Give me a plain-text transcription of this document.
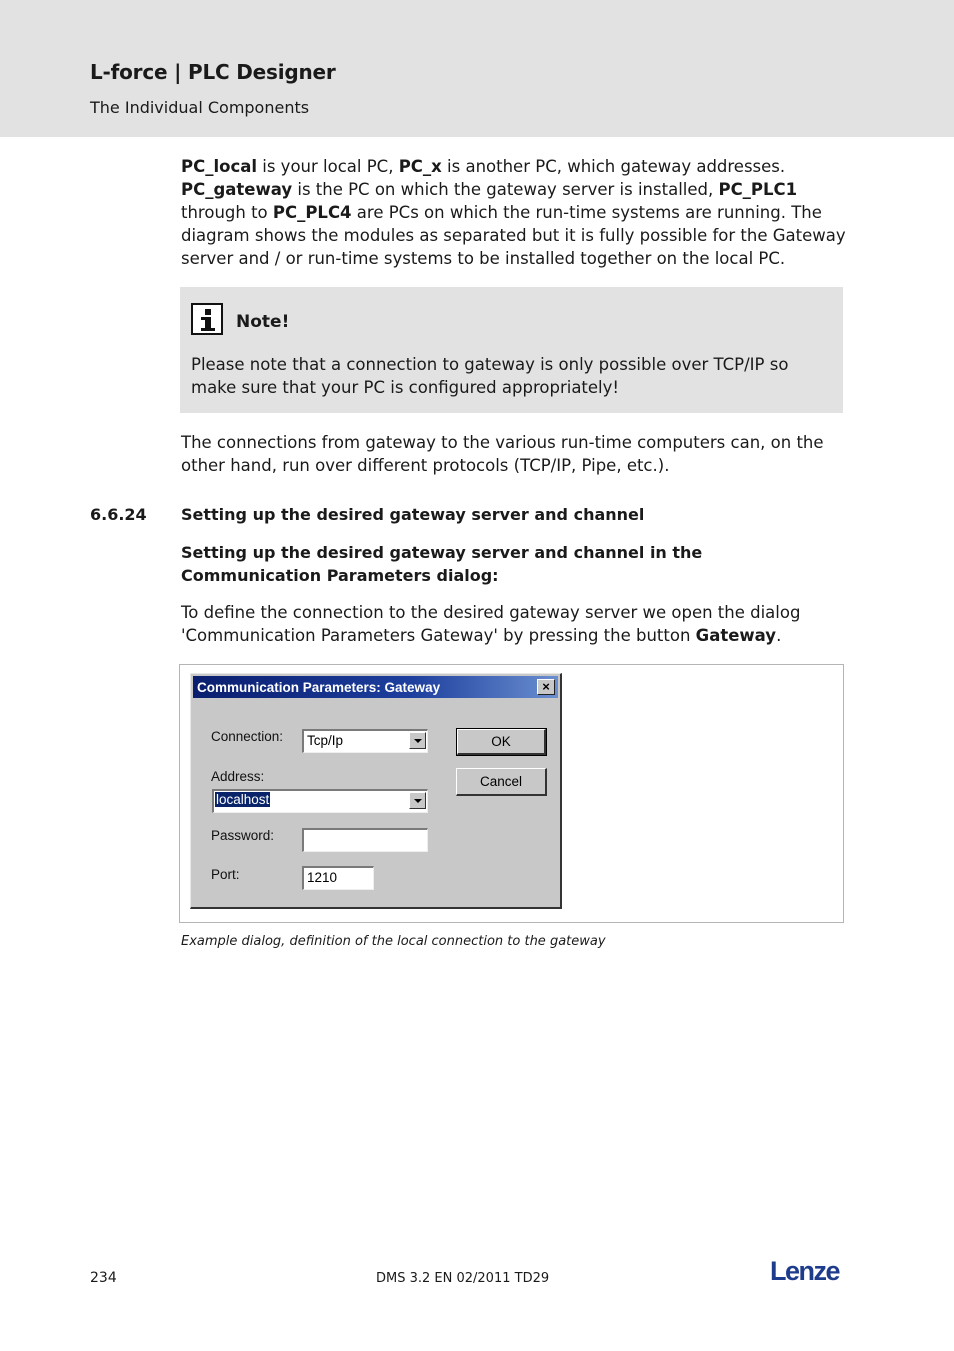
L-force | PLC Designer
The Individual Components
PC_local is your local PC, PC_x is another PC, which gateway addresses. PC_gateway is the PC on which the gateway server is installed, PC_PLC1 through to PC_PLC4 are PCs on which the run-time systems are running. The diagram shows the modules as separated but it is fully possible for the Gateway server and / or run-time systems to be installed together on the local PC.
Note!
Please note that a connection to gateway is only possible over TCP/IP so make sure that your PC is configured appropriately!
The connections from gateway to the various run-time computers can, on the other hand, run over different protocols (TCP/IP, Pipe, etc.).
6.6.24 Setting up the desired gateway server and channel
Setting up the desired gateway server and channel in the Communication Parameters dialog:
To define the connection to the desired gateway server we open the dialog 'Communication Parameters Gateway' by pressing the button Gateway.
Communication Parameters: Gateway	×
Connection: Tcp/Ip
Address:
localhost
Password:
Port:	1210
OK
Cancel
Example dialog, definition of the local connection to the gateway
234	DMS 3.2 EN 02/2011 TD29	Lenze
